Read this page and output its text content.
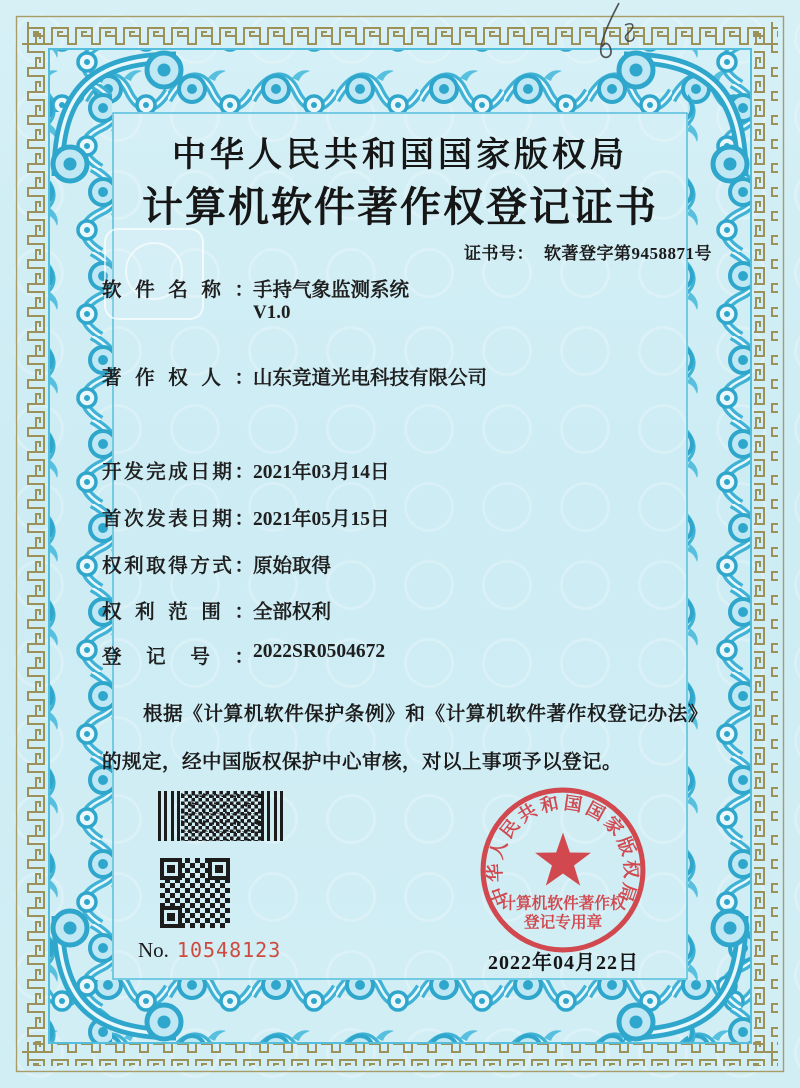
中华人民共和国国家版权局
计算机软件著作权登记证书
证书号： 软著登字第9458871号
软件名称： 手持气象监测系统
V1.0
著作权人： 山东竞道光电科技有限公司
开发完成日期： 2021年03月14日
首次发表日期： 2021年05月15日
权利取得方式： 原始取得
权利范围： 全部权利
登记号： 2022SR0504672
根据《计算机软件保护条例》和《计算机软件著作权登记办法》的规定，经中国版权保护中心审核，对以上事项予以登记。
No. 10548123
2022年04月22日
中华人民共和国国家版权局
计算机软件著作权
登记专用章
